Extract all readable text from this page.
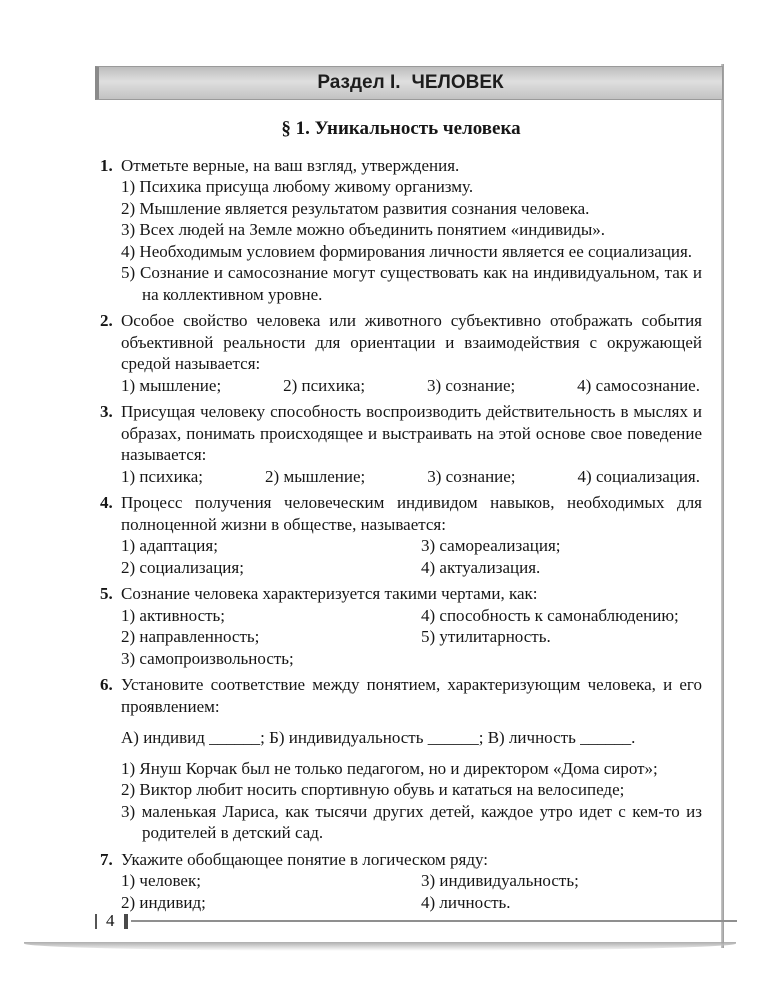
Раздел I. ЧЕЛОВЕК
§ 1. Уникальность человека

1. Отметьте верные, на ваш взгляд, утверждения.

1) Психика присуща любому живому организму.

2) Мышление является результатом развития сознания человека.

3) Всех людей на Земле можно объединить понятием «индивиды».

4) Необходимым условием формирования личности является ее социализация.

5) Сознание и самосознание могут существовать как на индивидуальном, так и на коллективном уровне.

2. Особое свойство человека или животного субъективно отображать события объективной реальности для ориентации и взаимодействия с окружающей средой называется:

1) мышление;	2) психика;	3) сознание;	4) самосознание.

3. Присущая человеку способность воспроизводить действительность в мыслях и образах, понимать происходящее и выстраивать на этой основе свое поведение называется:

1) психика;	2) мышление;	3) сознание;	4) социализация.

4. Процесс получения человеческим индивидом навыков, необходимых для полноценной жизни в обществе, называется:

1) адаптация;

2) социализация;

3) самореализация;

4) актуализация.

5. Сознание человека характеризуется такими чертами, как:

1) активность;

2) направленность;

3) самопроизвольность;

4) способность к самонаблюдению;

5) утилитарность.

6. Установите соответствие между понятием, характеризующим человека, и его проявлением:

А) индивид ______; Б) индивидуальность ______; В) личность ______.

1) Януш Корчак был не только педагогом, но и директором «Дома сирот»;

2) Виктор любит носить спортивную обувь и кататься на велосипеде;

3) маленькая Лариса, как тысячи других детей, каждое утро идет с кем-то из родителей в детский сад.

7. Укажите обобщающее понятие в логическом ряду:

1) человек;

2) индивид;

3) индивидуальность;

4) личность.

4
